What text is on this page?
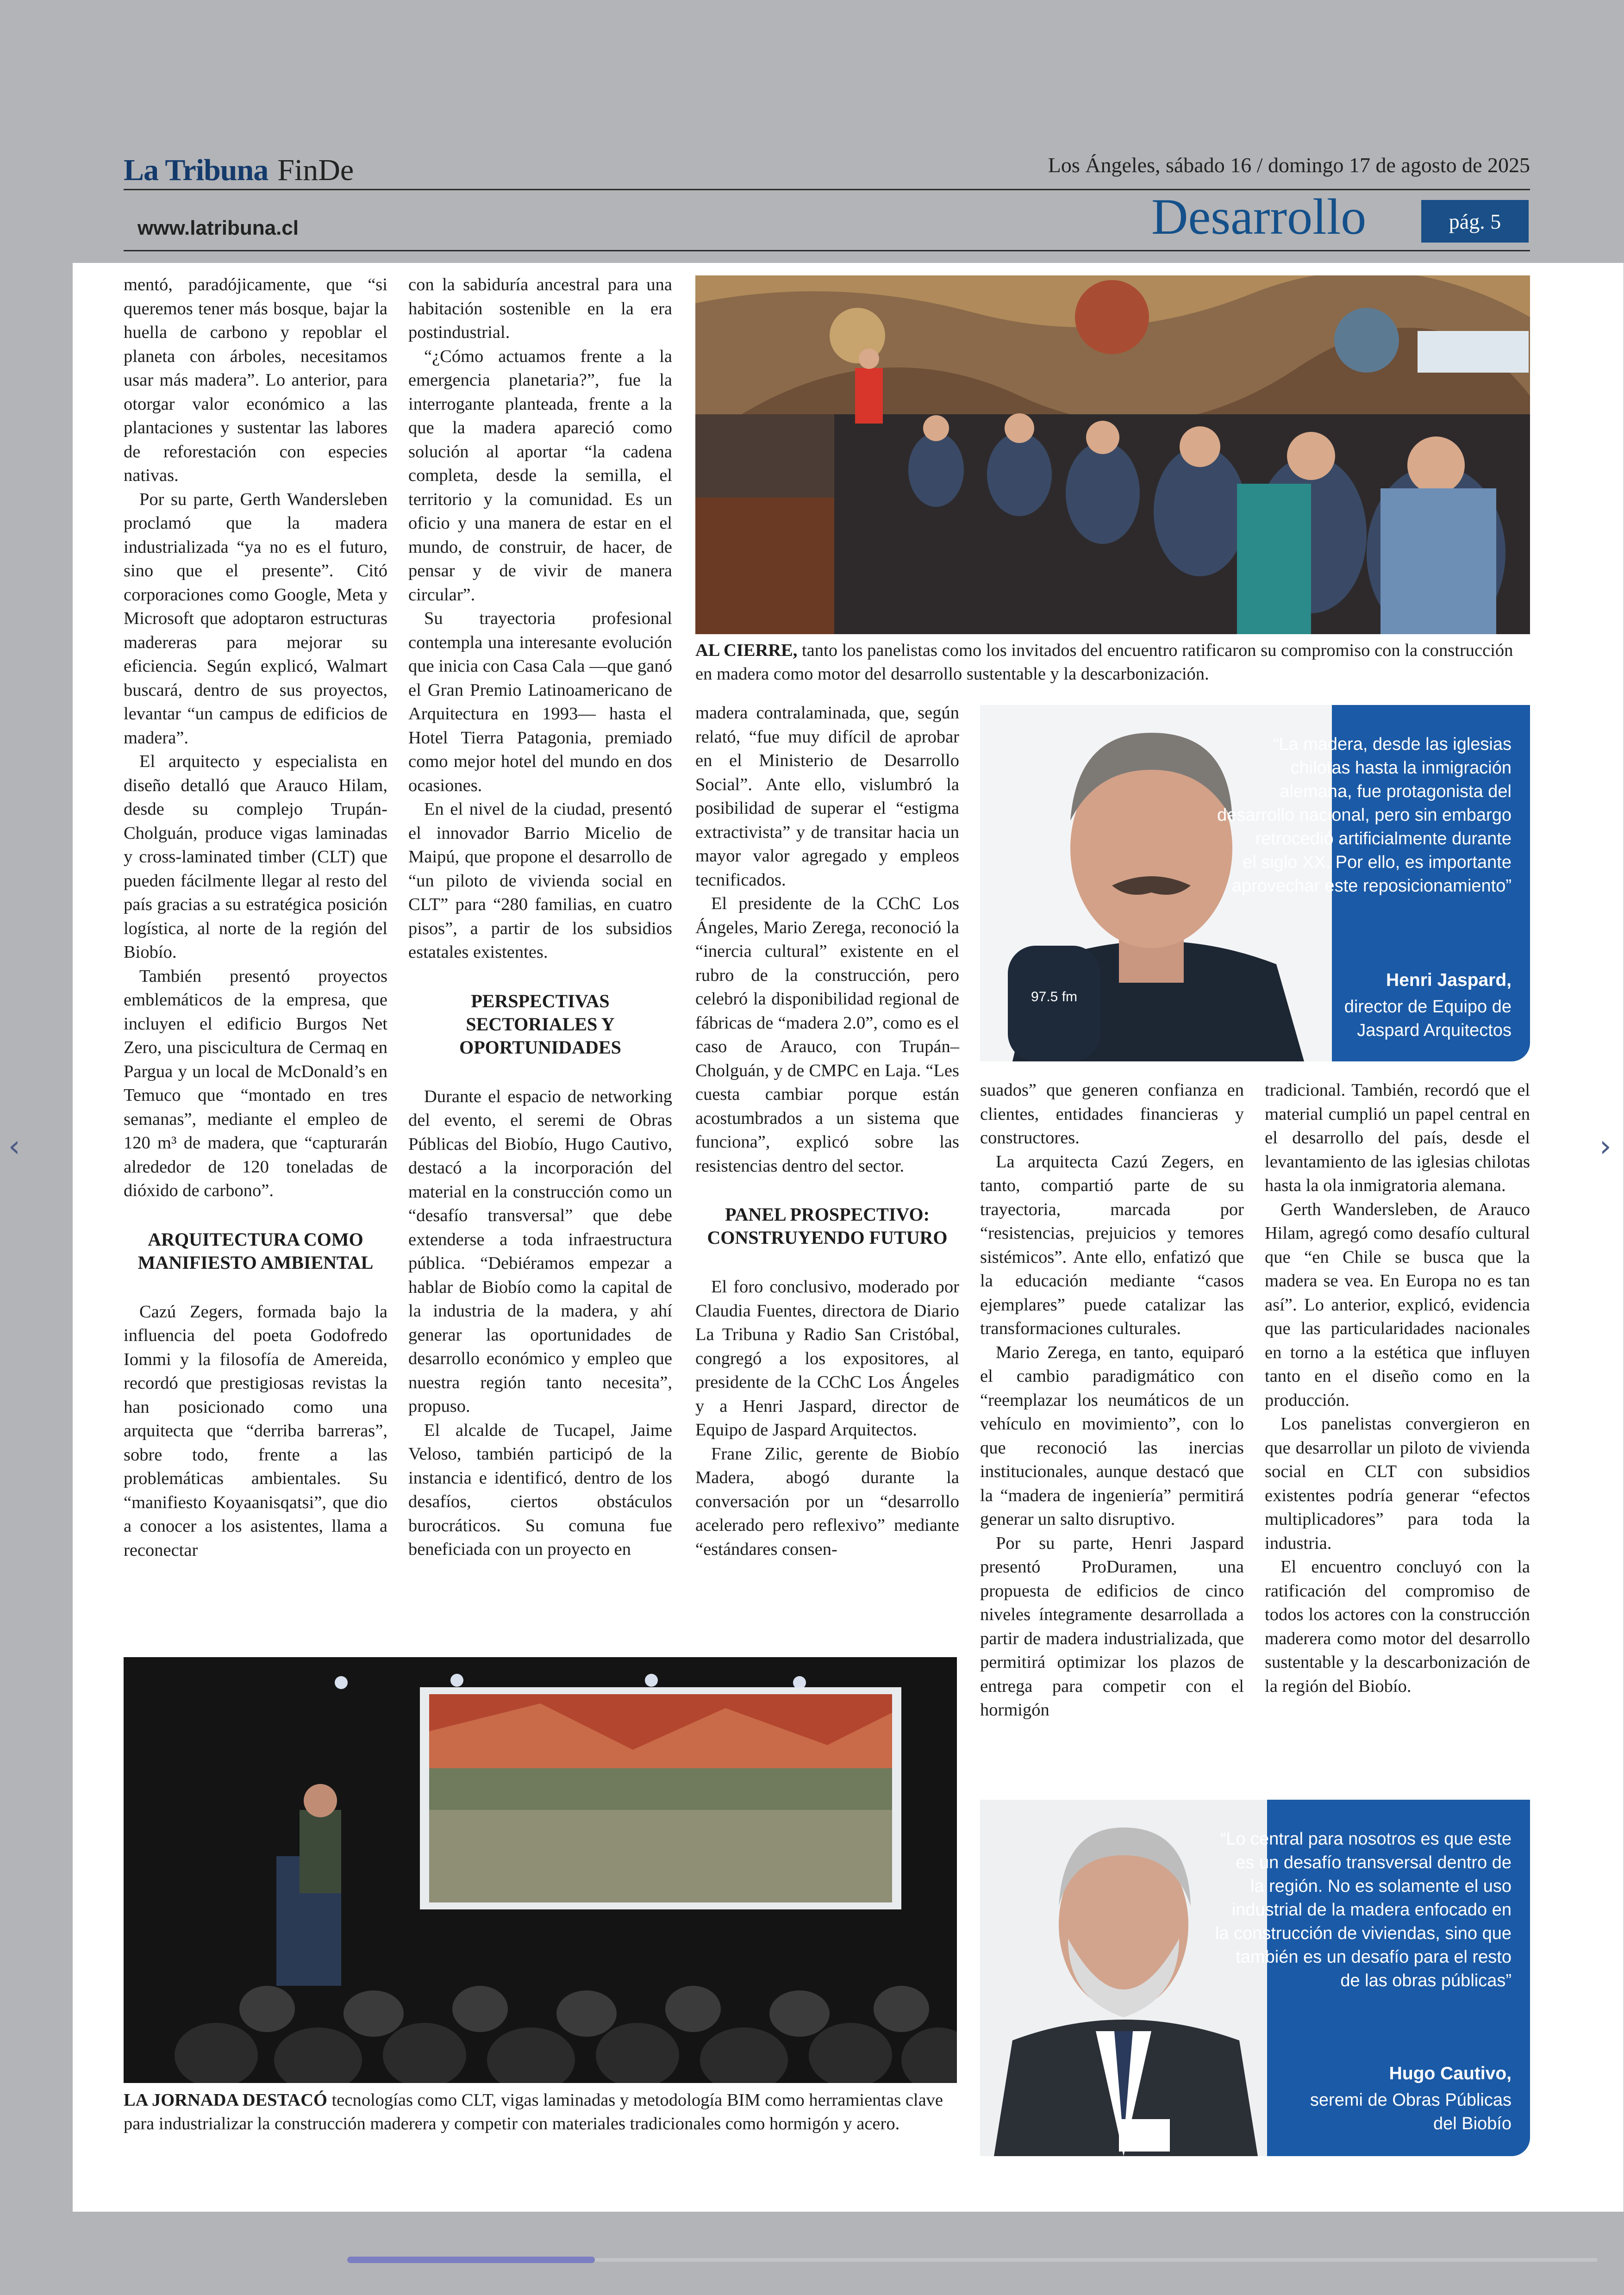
La Tribuna FinDe	Los Ángeles, sábado 16 / domingo 17 de agosto de 2025
www.latribuna.cl	Desarrollo	pág. 5

mentó, paradójicamente, que “si queremos tener más bosque, bajar la huella de carbono y repoblar el planeta con árboles, necesitamos usar más madera”. Lo anterior, para otorgar valor económico a las plantaciones y sustentar las labores de reforestación con especies nativas.

Por su parte, Gerth Wandersleben proclamó que la madera industrializada “ya no es el futuro, sino que el presente”. Citó corporaciones como Google, Meta y Microsoft que adoptaron estructuras madereras para mejorar su eficiencia. Según explicó, Walmart buscará, dentro de sus proyectos, levantar “un campus de edificios de madera”.

El arquitecto y especialista en diseño detalló que Arauco Hilam, desde su complejo Trupán-Cholguán, produce vigas laminadas y cross-laminated timber (CLT) que pueden fácilmente llegar al resto del país gracias a su estratégica posición logística, al norte de la región del Biobío.

También presentó proyectos emblemáticos de la empresa, que incluyen el edificio Burgos Net Zero, una piscicultura de Cermaq en Pargua y un local de McDonald’s en Temuco que “montado en tres semanas”, mediante el empleo de 120 m³ de madera, que “capturarán alrededor de 120 toneladas de dióxido de carbono”.

ARQUITECTURA COMO
MANIFIESTO AMBIENTAL

Cazú Zegers, formada bajo la influencia del poeta Godofredo Iommi y la filosofía de Amereida, recordó que prestigiosas revistas la han posicionado como una arquitecta que “derriba barreras”, sobre todo, frente a las problemáticas ambientales. Su “manifiesto Koyaanisqatsi”, que dio a conocer a los asistentes, llama a reconectar

con la sabiduría ancestral para una habitación sostenible en la era postindustrial.

“¿Cómo actuamos frente a la emergencia planetaria?”, fue la interrogante planteada, frente a la que la madera apareció como solución al aportar “la cadena completa, desde la semilla, el territorio y la comunidad. Es un oficio y una manera de estar en el mundo, de construir, de hacer, de pensar y de vivir de manera circular”.

Su trayectoria profesional contempla una interesante evolución que inicia con Casa Cala —que ganó el Gran Premio Latinoamericano de Arquitectura en 1993— hasta el Hotel Tierra Patagonia, premiado como mejor hotel del mundo en dos ocasiones.

En el nivel de la ciudad, presentó el innovador Barrio Micelio de Maipú, que propone el desarrollo de “un piloto de vivienda social en CLT” para “280 familias, en cuatro pisos”, a partir de los subsidios estatales existentes.

PERSPECTIVAS
SECTORIALES Y
OPORTUNIDADES

Durante el espacio de networking del evento, el seremi de Obras Públicas del Biobío, Hugo Cautivo, destacó a la incorporación del material en la construcción como un “desafío transversal” que debe extenderse a toda infraestructura pública. “Debiéramos empezar a hablar de Biobío como la capital de la industria de la madera, y ahí generar las oportunidades de desarrollo económico y empleo que nuestra región tanto necesita”, propuso.

El alcalde de Tucapel, Jaime Veloso, también participó de la instancia e identificó, dentro de los desafíos, ciertos obstáculos burocráticos. Su comuna fue beneficiada con un proyecto en

AL CIERRE, tanto los panelistas como los invitados del encuentro ratificaron su compromiso con la construcción en madera como motor del desarrollo sustentable y la descarbonización.

madera contralaminada, que, según relató, “fue muy difícil de aprobar en el Ministerio de Desarrollo Social”. Ante ello, vislumbró la posibilidad de superar el “estigma extractivista” y de transitar hacia un mayor valor agregado y empleos tecnificados.

El presidente de la CChC Los Ángeles, Mario Zerega, reconoció la “inercia cultural” existente en el rubro de la construcción, pero celebró la disponibilidad regional de fábricas de “madera 2.0”, como es el caso de Arauco, con Trupán–Cholguán, y de CMPC en Laja. “Les cuesta cambiar porque están acostumbrados a un sistema que funciona”, explicó sobre las resistencias dentro del sector.

PANEL PROSPECTIVO:
CONSTRUYENDO FUTURO

El foro conclusivo, moderado por Claudia Fuentes, directora de Diario La Tribuna y Radio San Cristóbal, congregó a los expositores, al presidente de la CChC Los Ángeles y a Henri Jaspard, director de Equipo de Jaspard Arquitectos.

Frane Zilic, gerente de Biobío Madera, abogó durante la conversación por un “desarrollo acelerado pero reflexivo” mediante “estándares consen-

97.5 fm
“La madera, desde las iglesias
chilotas hasta la inmigración
alemana, fue protagonista del
desarrollo nacional, pero sin embargo
retrocedió artificialmente durante
el siglo XX. Por ello, es importante
aprovechar este reposicionamiento”
Henri Jaspard,
director de Equipo de
Jaspard Arquitectos

suados” que generen confianza en clientes, entidades financieras y constructores.

La arquitecta Cazú Zegers, en tanto, compartió parte de su trayectoria, marcada por “resistencias, prejuicios y temores sistémicos”. Ante ello, enfatizó que la educación mediante “casos ejemplares” puede catalizar las transformaciones culturales.

Mario Zerega, en tanto, equiparó el cambio paradigmático con “reemplazar los neumáticos de un vehículo en movimiento”, con lo que reconoció las inercias institucionales, aunque destacó que la “madera de ingeniería” permitirá generar un salto disruptivo.

Por su parte, Henri Jaspard presentó ProDuramen, una propuesta de edificios de cinco niveles íntegramente desarrollada a partir de madera industrializada, que permitirá optimizar los plazos de entrega para competir con el hormigón

tradicional. También, recordó que el material cumplió un papel central en el desarrollo del país, desde el levantamiento de las iglesias chilotas hasta la ola inmigratoria alemana.

Gerth Wandersleben, de Arauco Hilam, agregó como desafío cultural que “en Chile se busca que la madera se vea. En Europa no es tan así”. Lo anterior, explicó, evidencia que las particularidades nacionales en torno a la estética que influyen tanto en el diseño como en la producción.

Los panelistas convergieron en que desarrollar un piloto de vivienda social en CLT con subsidios existentes podría generar “efectos multiplicadores” para toda la industria.

El encuentro concluyó con la ratificación del compromiso de todos los actores con la construcción maderera como motor del desarrollo sustentable y la descarbonización de la región del Biobío.

LA JORNADA DESTACÓ tecnologías como CLT, vigas laminadas y metodología BIM como herramientas clave para industrializar la construcción maderera y competir con materiales tradicionales como hormigón y acero.
“Lo central para nosotros es que este
es un desafío transversal dentro de
la región. No es solamente el uso
industrial de la madera enfocado en
la construcción de viviendas, sino que
también es un desafío para el resto
de las obras públicas”
Hugo Cautivo,
seremi de Obras Públicas
del Biobío
‹	›
